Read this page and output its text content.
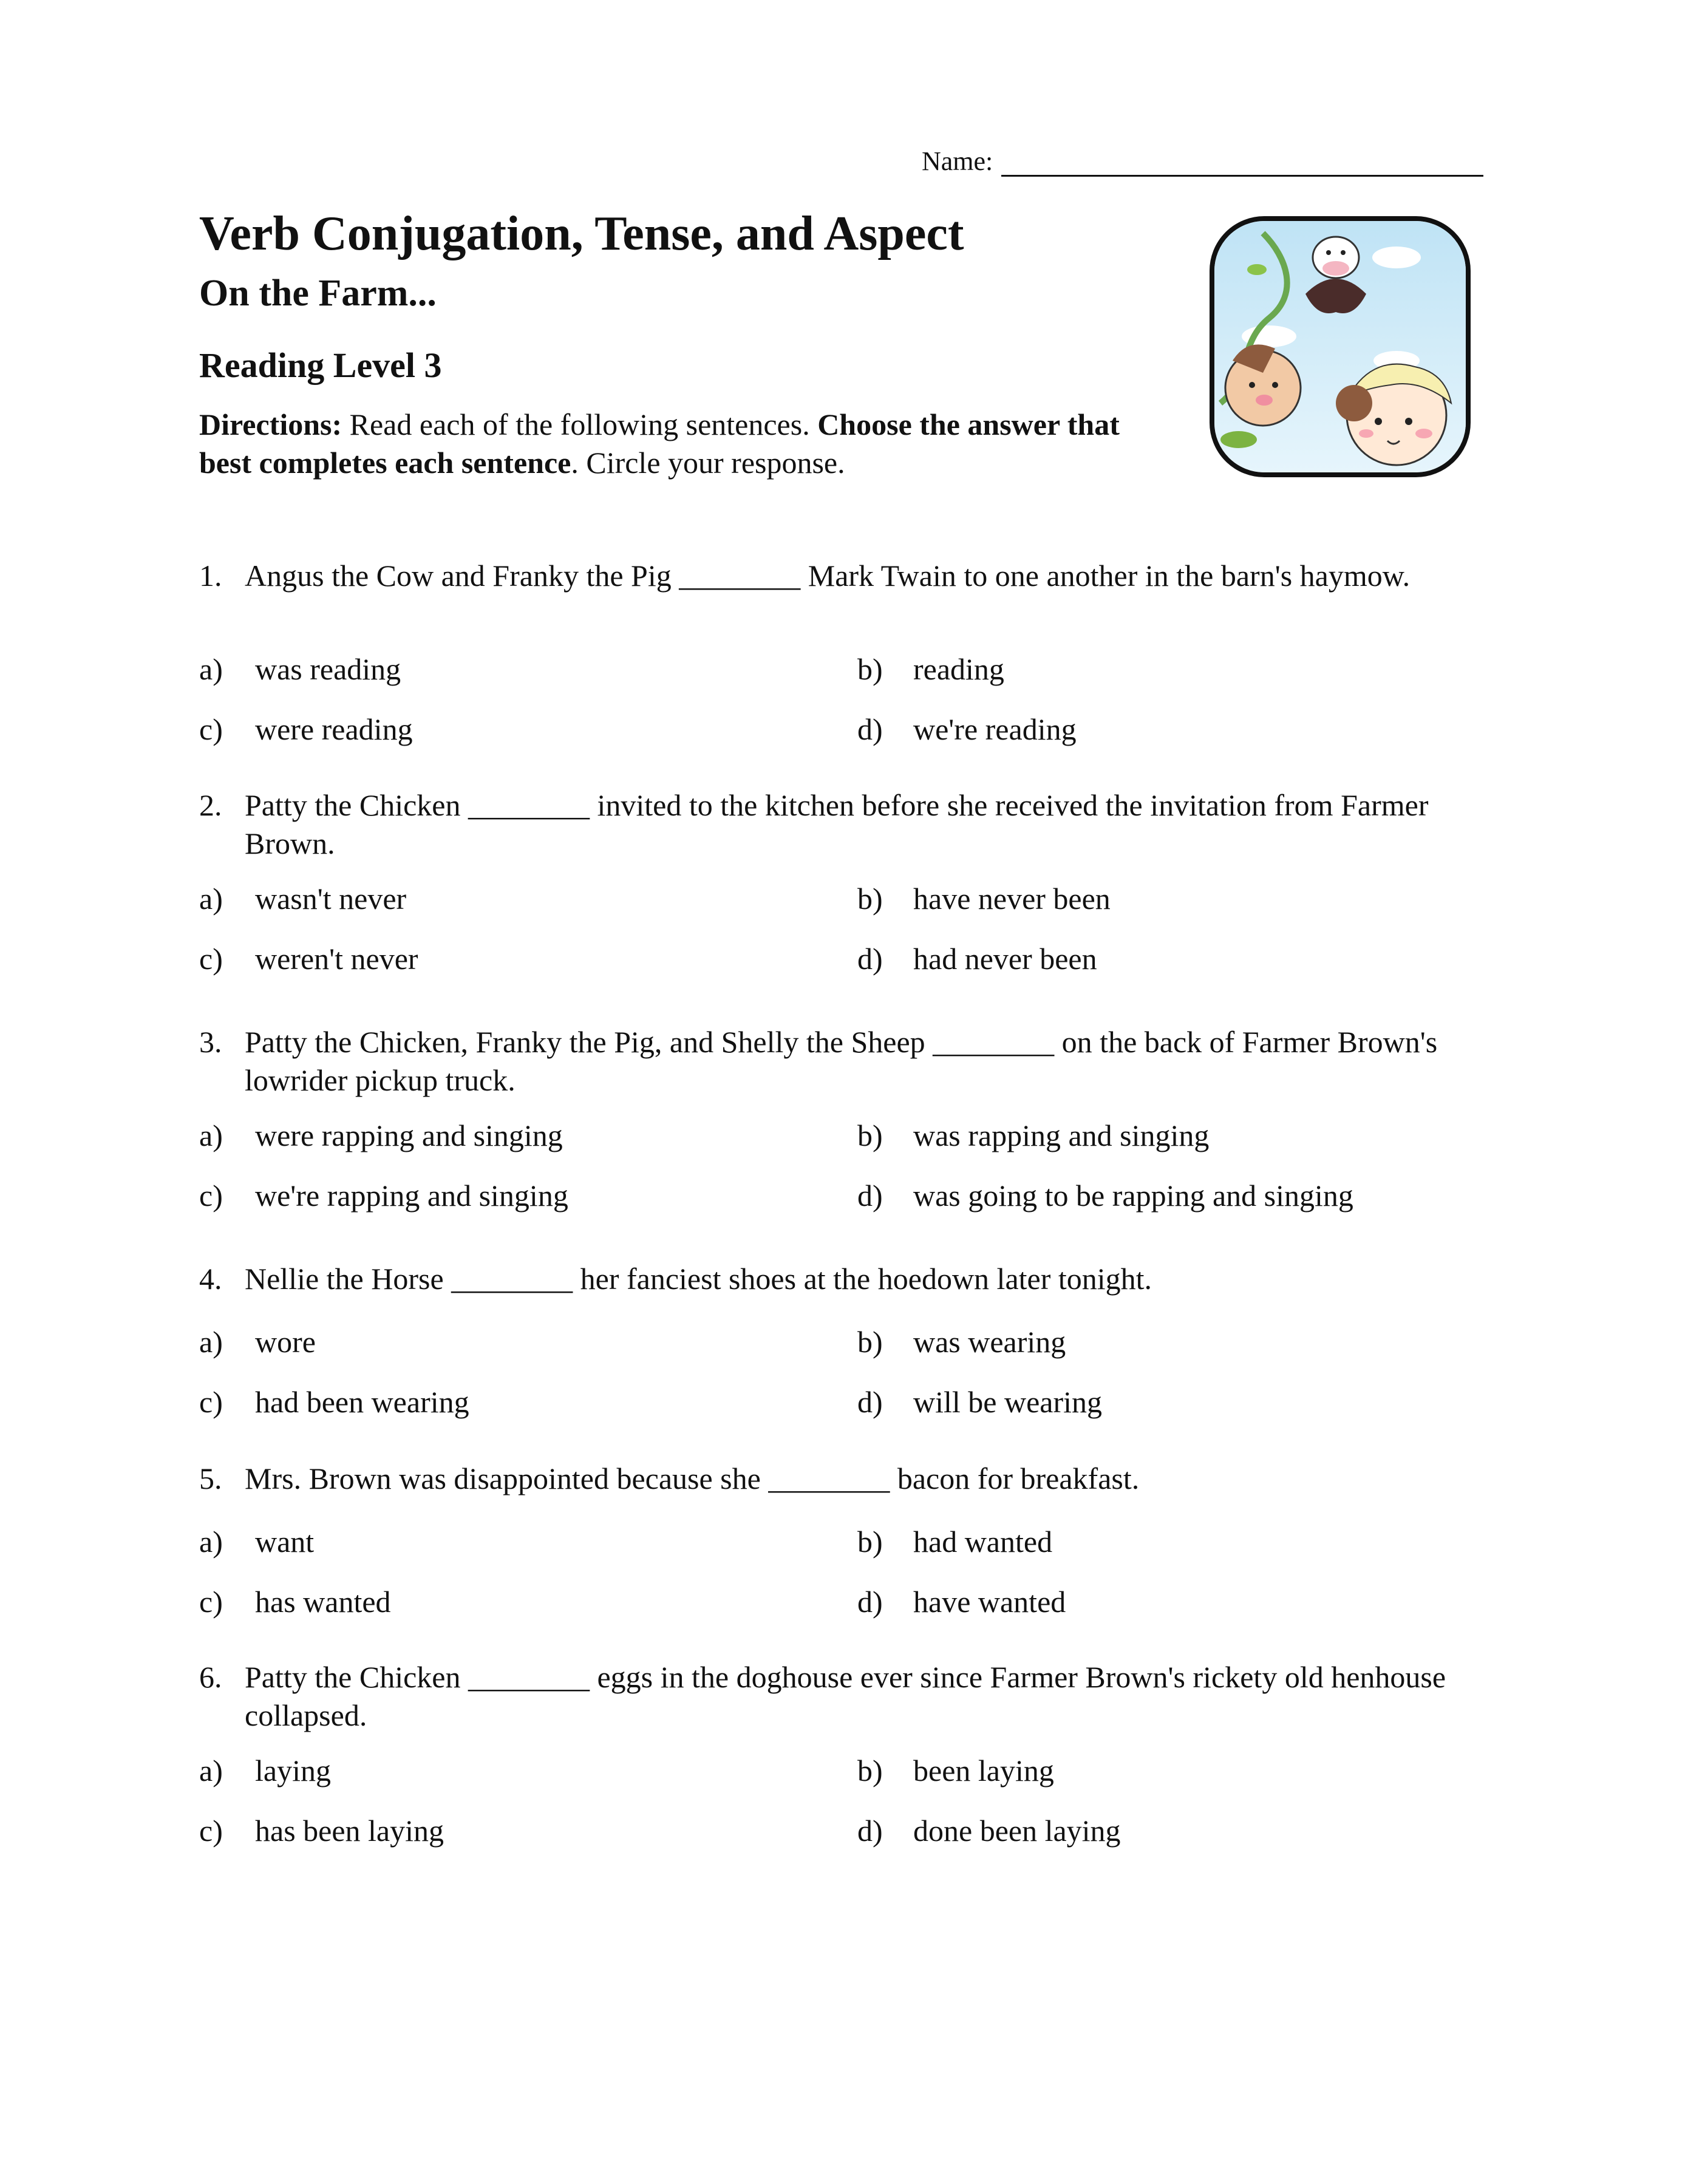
Name:
Verb Conjugation, Tense, and Aspect
On the Farm...
Reading Level 3
Directions: Read each of the following sentences. Choose the answer that best completes each sentence. Circle your response.
1. Angus the Cow and Franky the Pig ________ Mark Twain to one another in the barn's haymow.
a) was reading	b) reading
c) were reading	d) we're reading
2. Patty the Chicken ________ invited to the kitchen before she received the invitation from Farmer Brown.
a) wasn't never	b) have never been
c) weren't never	d) had never been
3. Patty the Chicken, Franky the Pig, and Shelly the Sheep ________ on the back of Farmer Brown's lowrider pickup truck.
a) were rapping and singing	b) was rapping and singing
c) we're rapping and singing	d) was going to be rapping and singing
4. Nellie the Horse ________ her fanciest shoes at the hoedown later tonight.
a) wore	b) was wearing
c) had been wearing	d) will be wearing
5. Mrs. Brown was disappointed because she ________ bacon for breakfast.
a) want	b) had wanted
c) has wanted	d) have wanted
6. Patty the Chicken ________ eggs in the doghouse ever since Farmer Brown's rickety old henhouse collapsed.
a) laying	b) been laying
c) has been laying	d) done been laying
